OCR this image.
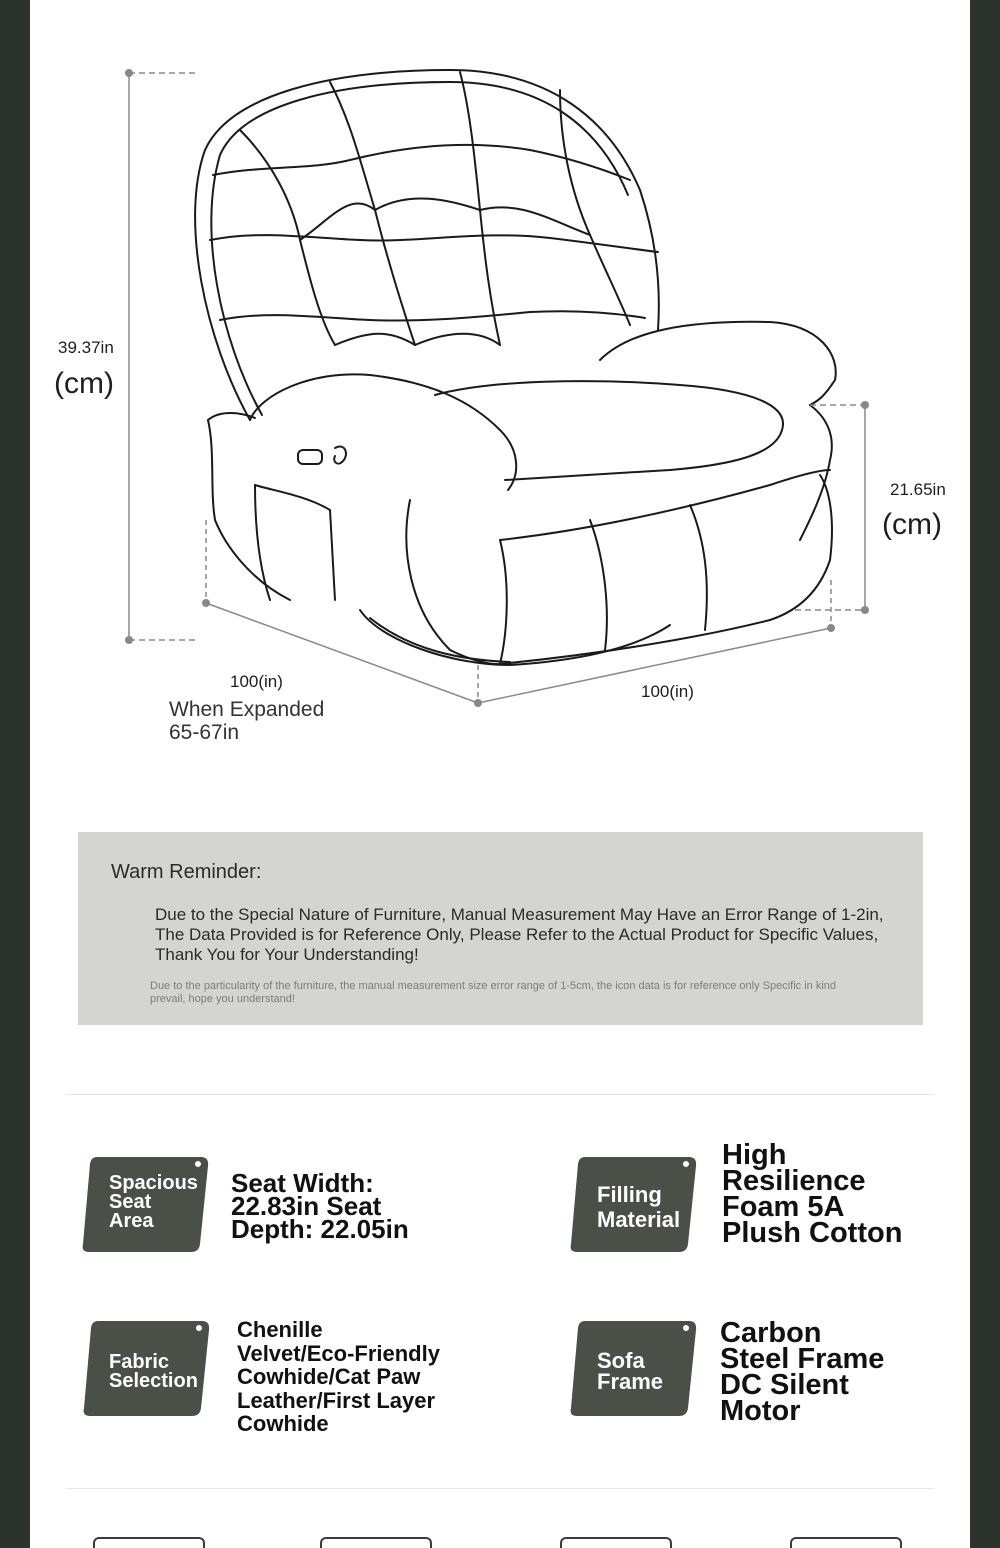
39.37in
(cm)
21.65in
(cm)
100(in)
100(in)
When Expanded
65-67in
Warm Reminder:
Due to the Special Nature of Furniture, Manual Measurement May Have an Error Range of 1-2in, The Data Provided is for Reference Only, Please Refer to the Actual Product for Specific Values, Thank You for Your Understanding!
Due to the particularity of the furniture, the manual measurement size error range of 1-5cm, the icon data is for reference only Specific in kind prevail, hope you understand!
Spacious
Seat
Area
Seat Width:
22.83in Seat
Depth: 22.05in
Filling
Material
High
Resilience
Foam 5A
Plush Cotton
Fabric
Selection
Chenille
Velvet/Eco-Friendly
Cowhide/Cat Paw
Leather/First Layer
Cowhide
Sofa
Frame
Carbon
Steel Frame
DC Silent
Motor
